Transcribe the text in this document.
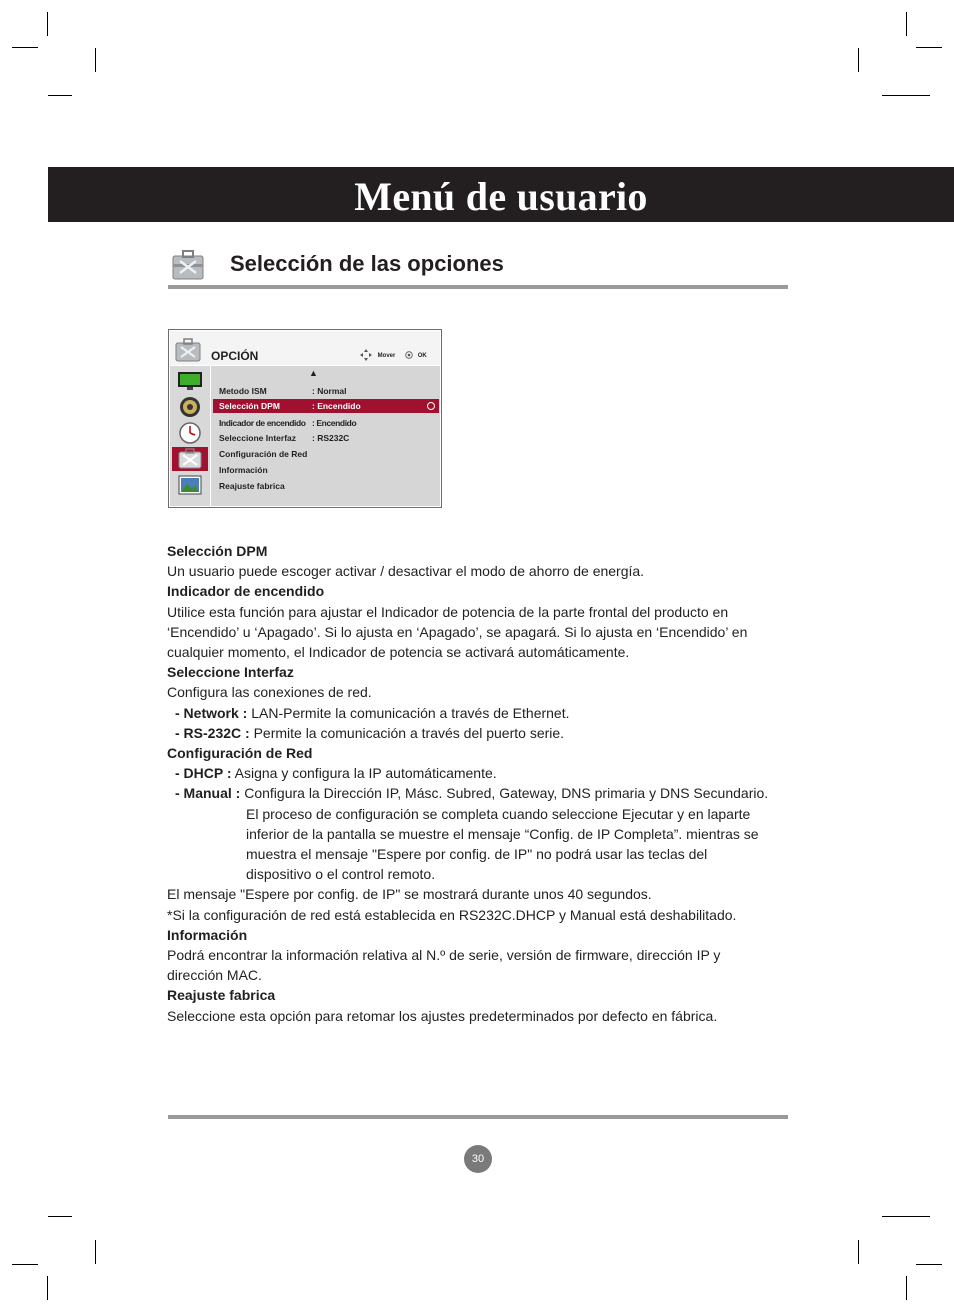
Menú de usuario
Selección de las opciones
OPCIÓN	Mover	OK
▲
Metodo ISM	: Normal
Selección DPM	: Encendido
Indicador de encendido : Encendido
Seleccione Interfaz : RS232C
Configuración de Red
Información
Reajuste fabrica

Selección DPM

Un usuario puede escoger activar / desactivar el modo de ahorro de energía.

Indicador de encendido

Utilice esta función para ajustar el Indicador de potencia de la parte frontal del producto en ‘Encendido’ u ‘Apagado’. Si lo ajusta en ‘Apagado’, se apagará. Si lo ajusta en ‘Encendido’ en cualquier momento, el Indicador de potencia se activará automáticamente.

Seleccione Interfaz

Configura las conexiones de red.

- Network : LAN-Permite la comunicación a través de Ethernet.

- RS-232C : Permite la comunicación a través del puerto serie.

Configuración de Red

- DHCP : Asigna y configura la IP automáticamente.

- Manual : Configura la Dirección IP, Másc. Subred, Gateway, DNS primaria y DNS Secundario.

El proceso de configuración se completa cuando seleccione Ejecutar y en laparte

inferior de la pantalla se muestre el mensaje “Config. de IP Completa”. mientras se

muestra el mensaje "Espere por config. de IP" no podrá usar las teclas del

dispositivo o el control remoto.

El mensaje "Espere por config. de IP" se mostrará durante unos 40 segundos.

*Si la configuración de red está establecida en RS232C.DHCP y Manual está deshabilitado.

Información

Podrá encontrar la información relativa al N.º de serie, versión de firmware, dirección IP y dirección MAC.

Reajuste fabrica

Seleccione esta opción para retomar los ajustes predeterminados por defecto en fábrica.

30
